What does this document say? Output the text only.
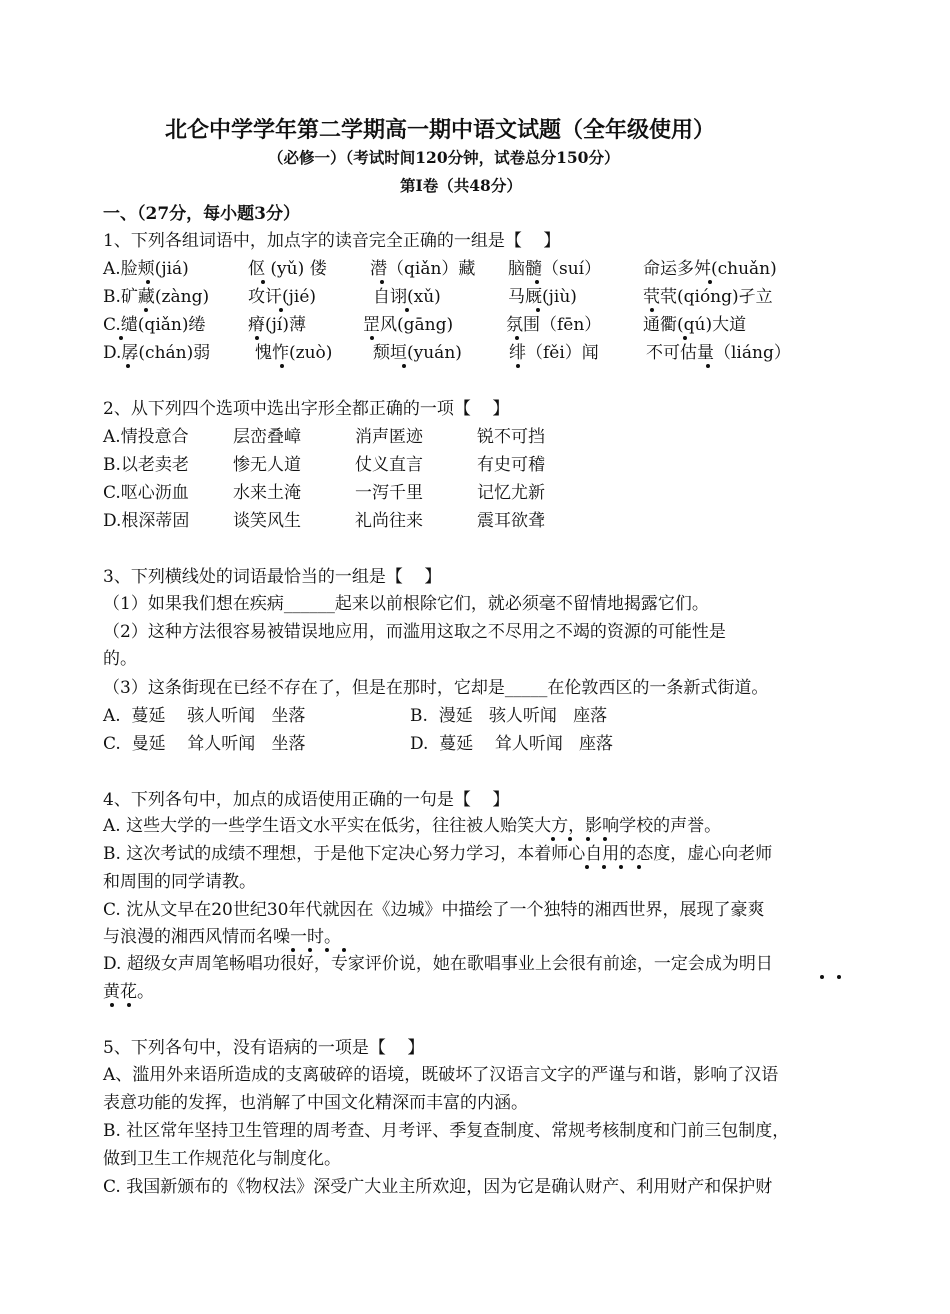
北仑中学学年第二学期高一期中语文试题（全年级使用）
（必修一）（考试时间120分钟，试卷总分150分）
第Ⅰ卷（共48分）
一、（27分，每小题3分）
1、下列各组词语中，加点字的读音完全正确的一组是【    】
A.脸颊(jiá)	伛 (yǔ) 偻	潜（qiǎn）藏 脑髓（suí） 命运多舛(chuǎn)
B.矿藏(zàng) 攻讦(jié)	自诩(xǔ)	马厩(jiù)	茕茕(qióng)孑立
C.缱(qiǎn)绻	瘠(jí)薄	罡风(gāng)	氛围（fēn） 通衢(qú)大道
D.孱(chán)弱	愧怍(zuò) 颓垣(yuán)	绯（fěi）闻	不可估量（liáng）
2、从下列四个选项中选出字形全都正确的一项【    】
A.情投意合	层峦叠嶂	消声匿迹	锐不可挡
B.以老卖老	惨无人道	仗义直言	有史可稽
C.呕心沥血	水来土淹	一泻千里	记忆尤新
D.根深蒂固	谈笑风生	礼尚往来	震耳欲聋
3、下列横线处的词语最恰当的一组是【    】
（1）如果我们想在疾病______起来以前根除它们，就必须毫不留情地揭露它们。
（2）这种方法很容易被错误地应用，而滥用这取之不尽用之不竭的资源的可能性是
的。
（3）这条街现在已经不存在了，但是在那时，它却是_____在伦敦西区的一条新式街道。
A.  蔓延    骇人听闻   坐落	B.  漫延   骇人听闻   座落
C.  曼延    耸人听闻   坐落	D.  蔓延    耸人听闻   座落
4、下列各句中，加点的成语使用正确的一句是【    】
A. 这些大学的一些学生语文水平实在低劣，往往被人贻笑大方，影响学校的声誉。
B. 这次考试的成绩不理想，于是他下定决心努力学习，本着师心自用的态度，虚心向老师
和周围的同学请教。
C. 沈从文早在20世纪30年代就因在《边城》中描绘了一个独特的湘西世界，展现了豪爽
与浪漫的湘西风情而名噪一时。
D. 超级女声周笔畅唱功很好，专家评价说，她在歌唱事业上会很有前途，一定会成为明日
黄花。
5、下列各句中，没有语病的一项是【    】
A、滥用外来语所造成的支离破碎的语境，既破坏了汉语言文字的严谨与和谐，影响了汉语
表意功能的发挥，也消解了中国文化精深而丰富的内涵。
B. 社区常年坚持卫生管理的周考查、月考评、季复查制度、常规考核制度和门前三包制度，
做到卫生工作规范化与制度化。
C. 我国新颁布的《物权法》深受广大业主所欢迎，因为它是确认财产、利用财产和保护财
